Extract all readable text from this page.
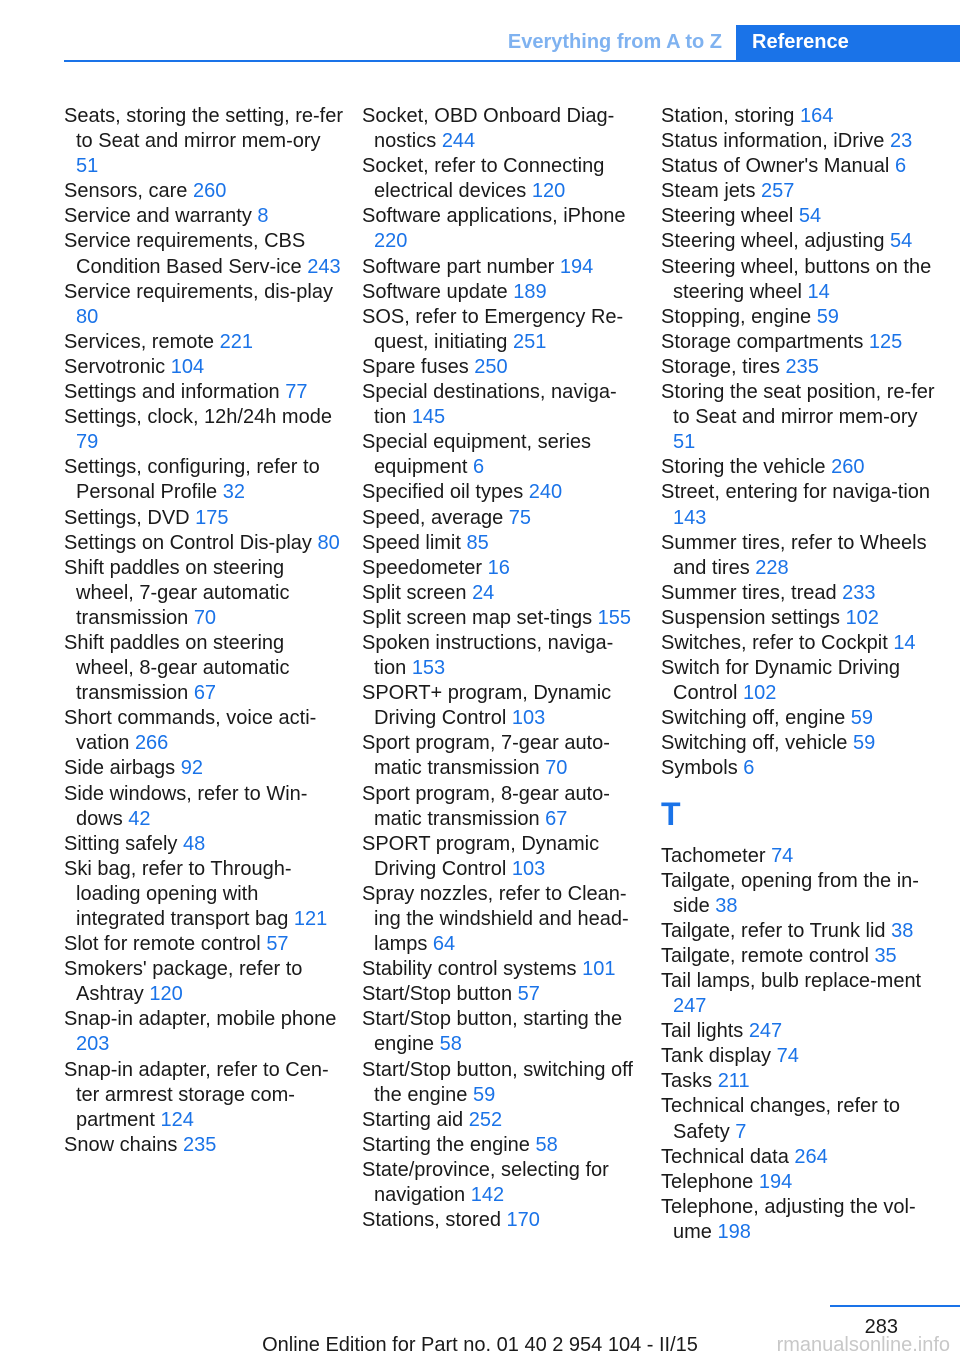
Everything from A to Z	Reference
Seats, storing the setting, re‐fer to Seat and mirror mem‐ory 51
Sensors, care 260
Service and warranty 8
Service requirements, CBS Condition Based Serv‐ice 243
Service requirements, dis‐play 80
Services, remote 221
Servotronic 104
Settings and information 77
Settings, clock, 12h/24h mode 79
Settings, configuring, refer to Personal Profile 32
Settings, DVD 175
Settings on Control Dis‐play 80
Shift paddles on steering wheel, 7-gear automatic transmission 70
Shift paddles on steering wheel, 8-gear automatic transmission 67
Short commands, voice acti‐vation 266
Side airbags 92
Side windows, refer to Win‐dows 42
Sitting safely 48
Ski bag, refer to Through-loading opening with integrated transport bag 121
Slot for remote control 57
Smokers' package, refer to Ashtray 120
Snap-in adapter, mobile phone 203
Snap-in adapter, refer to Cen‐ter armrest storage com‐partment 124
Snow chains 235
Socket, OBD Onboard Diag‐nostics 244
Socket, refer to Connecting electrical devices 120
Software applications, iPhone 220
Software part number 194
Software update 189
SOS, refer to Emergency Re‐quest, initiating 251
Spare fuses 250
Special destinations, naviga‐tion 145
Special equipment, series equipment 6
Specified oil types 240
Speed, average 75
Speed limit 85
Speedometer 16
Split screen 24
Split screen map set‐tings 155
Spoken instructions, naviga‐tion 153
SPORT+ program, Dynamic Driving Control 103
Sport program, 7-gear auto‐matic transmission 70
Sport program, 8-gear auto‐matic transmission 67
SPORT program, Dynamic Driving Control 103
Spray nozzles, refer to Clean‐ing the windshield and head‐lamps 64
Stability control systems 101
Start/Stop button 57
Start/Stop button, starting the engine 58
Start/Stop button, switching off the engine 59
Starting aid 252
Starting the engine 58
State/province, selecting for navigation 142
Stations, stored 170
Station, storing 164
Status information, iDrive 23
Status of Owner's Manual 6
Steam jets 257
Steering wheel 54
Steering wheel, adjusting 54
Steering wheel, buttons on the steering wheel 14
Stopping, engine 59
Storage compartments 125
Storage, tires 235
Storing the seat position, re‐fer to Seat and mirror mem‐ory 51
Storing the vehicle 260
Street, entering for naviga‐tion 143
Summer tires, refer to Wheels and tires 228
Summer tires, tread 233
Suspension settings 102
Switches, refer to Cockpit 14
Switch for Dynamic Driving Control 102
Switching off, engine 59
Switching off, vehicle 59
Symbols 6
T
Tachometer 74
Tailgate, opening from the in‐side 38
Tailgate, refer to Trunk lid 38
Tailgate, remote control 35
Tail lamps, bulb replace‐ment 247
Tail lights 247
Tank display 74
Tasks 211
Technical changes, refer to Safety 7
Technical data 264
Telephone 194
Telephone, adjusting the vol‐ume 198
283
Online Edition for Part no. 01 40 2 954 104 - II/15	rmanualsonline.info
